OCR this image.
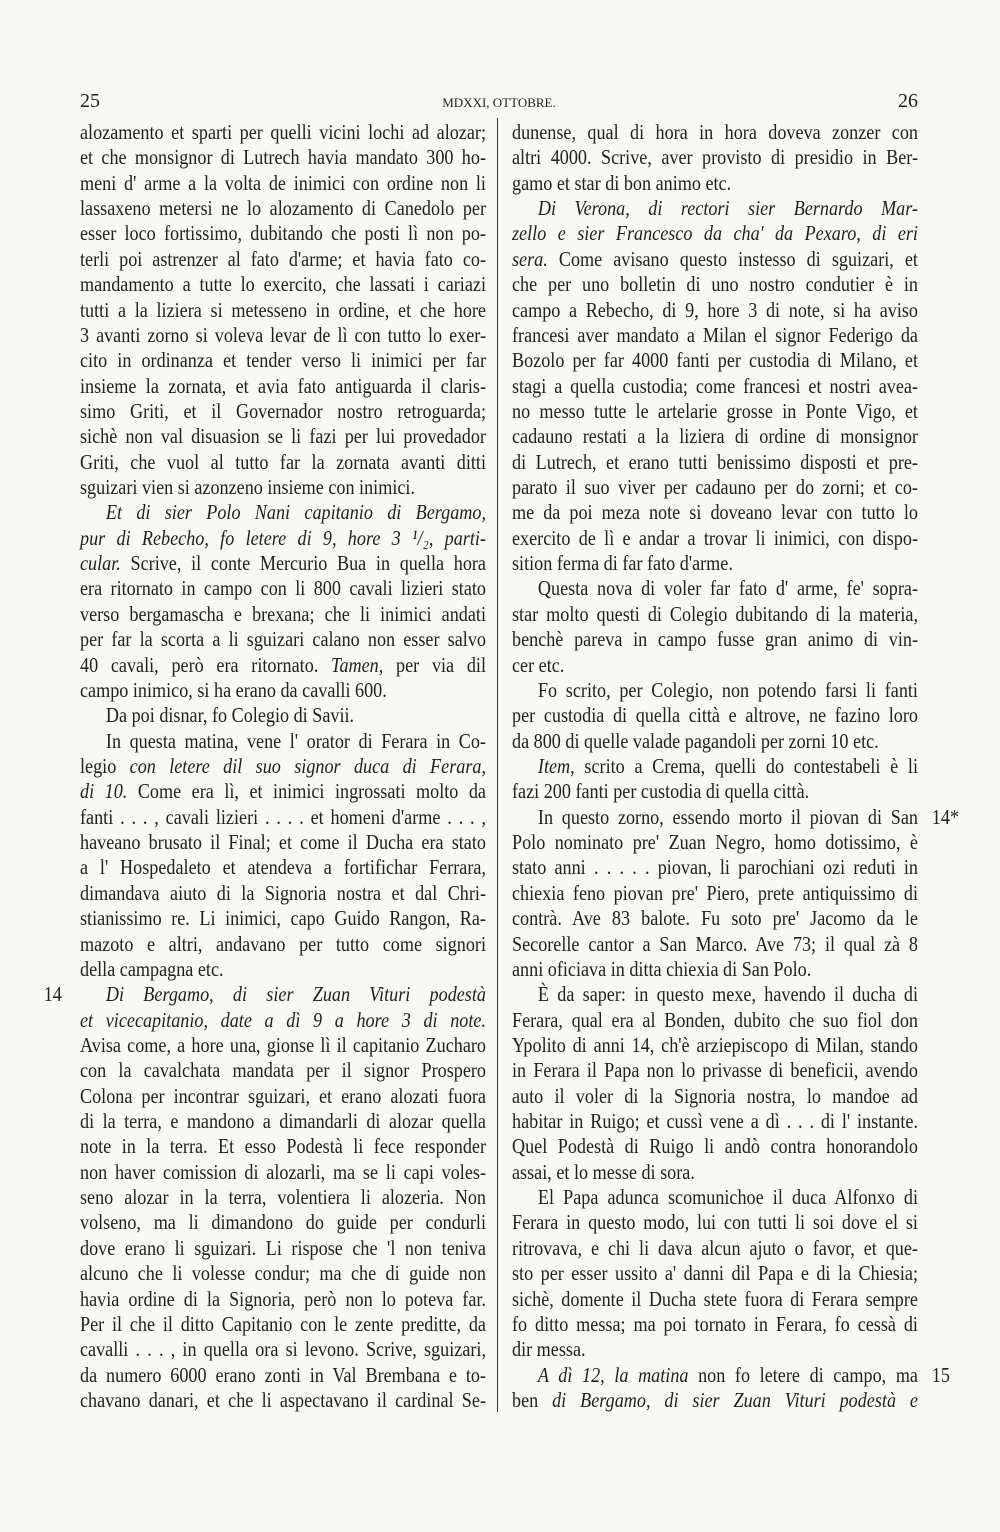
25	MDXXI, OTTOBRE.	26
alozamento et sparti per quelli vicini lochi ad alozar;
et che monsignor di Lutrech havia mandato 300 ho-
meni d' arme a la volta de inimici con ordine non li
lassaxeno metersi ne lo alozamento di Canedolo per
esser loco fortissimo, dubitando che posti lì non po-
terli poi astrenzer al fato d'arme; et havia fato co-
mandamento a tutte lo exercito, che lassati i cariazi
tutti a la liziera si metesseno in ordine, et che hore
3 avanti zorno si voleva levar de lì con tutto lo exer-
cito in ordinanza et tender verso li inimici per far
insieme la zornata, et avia fato antiguarda il claris-
simo Griti, et il Governador nostro retroguarda;
sichè non val disuasion se li fazi per lui provedador
Griti, che vuol al tutto far la zornata avanti ditti
sguizari vien si azonzeno insieme con inimici.
Et di sier Polo Nani capitanio di Bergamo,
pur di Rebecho, fo letere di 9, hore 3 ¹/₂, parti-
cular. Scrive, il conte Mercurio Bua in quella hora
era ritornato in campo con li 800 cavali lizieri stato
verso bergamascha e brexana; che li inimici andati
per far la scorta a li sguizari calano non esser salvo
40 cavali, però era ritornato. Tamen, per via dil
campo inimico, si ha erano da cavalli 600.
Da poi disnar, fo Colegio di Savii.
In questa matina, vene l' orator di Ferara in Co-
legio con letere dil suo signor duca di Ferara,
di 10. Come era lì, et inimici ingrossati molto da
fanti . . . , cavali lizieri . . . . et homeni d'arme . . . ,
haveano brusato il Final; et come il Ducha era stato
a l' Hospedaleto et atendeva a fortifichar Ferrara,
dimandava aiuto di la Signoria nostra et dal Chri-
stianissimo re. Li inimici, capo Guido Rangon, Ra-
mazoto e altri, andavano per tutto come signori
della campagna etc.
Di Bergamo, di sier Zuan Vituri podestà
14
et vicecapitanio, date a dì 9 a hore 3 di note.
Avisa come, a hore una, gionse lì il capitanio Zucharo
con la cavalchata mandata per il signor Prospero
Colona per incontrar sguizari, et erano alozati fuora
di la terra, e mandono a dimandarli di alozar quella
note in la terra. Et esso Podestà li fece responder
non haver comission di alozarli, ma se li capi voles-
seno alozar in la terra, volentiera li alozeria. Non
volseno, ma li dimandono do guide per condurli
dove erano li sguizari. Li rispose che 'l non teniva
alcuno che li volesse condur; ma che di guide non
havia ordine di la Signoria, però non lo poteva far.
Per il che il ditto Capitanio con le zente preditte, da
cavalli . . . , in quella ora si levono. Scrive, sguizari,
da numero 6000 erano zonti in Val Brembana e to-
chavano danari, et che li aspectavano il cardinal Se-
dunense, qual di hora in hora doveva zonzer con
altri 4000. Scrive, aver provisto di presidio in Ber-
gamo et star di bon animo etc.
Di Verona, di rectori sier Bernardo Mar-
zello e sier Francesco da cha' da Pexaro, di eri
sera. Come avisano questo instesso di sguizari, et
che per uno bolletin di uno nostro condutier è in
campo a Rebecho, di 9, hore 3 di note, si ha aviso
francesi aver mandato a Milan el signor Federigo da
Bozolo per far 4000 fanti per custodia di Milano, et
stagi a quella custodia; come francesi et nostri avea-
no messo tutte le artelarie grosse in Ponte Vigo, et
cadauno restati a la liziera di ordine di monsignor
di Lutrech, et erano tutti benissimo disposti et pre-
parato il suo viver per cadauno per do zorni; et co-
me da poi meza note si doveano levar con tutto lo
exercito de lì e andar a trovar li inimici, con dispo-
sition ferma di far fato d'arme.
Questa nova di voler far fato d' arme, fe' sopra-
star molto questi di Colegio dubitando di la materia,
benchè pareva in campo fusse gran animo di vin-
cer etc.
Fo scrito, per Colegio, non potendo farsi li fanti
per custodia di quella città e altrove, ne fazino loro
da 800 di quelle valade pagandoli per zorni 10 etc.
Item, scrito a Crema, quelli do contestabeli è li
fazi 200 fanti per custodia di quella città.
In questo zorno, essendo morto il piovan di San 14*
Polo nominato pre' Zuan Negro, homo dotissimo, è
stato anni . . . . . piovan, li parochiani ozi reduti in
chiexia feno piovan pre' Piero, prete antiquissimo di
contrà. Ave 83 balote. Fu soto pre' Jacomo da le
Secorelle cantor a San Marco. Ave 73; il qual zà 8
anni oficiava in ditta chiexia di San Polo.
È da saper: in questo mexe, havendo il ducha di
Ferara, qual era al Bonden, dubito che suo fiol don
Ypolito di anni 14, ch'è arziepiscopo di Milan, stando
in Ferara il Papa non lo privasse di beneficii, avendo
auto il voler di la Signoria nostra, lo mandoe ad
habitar in Ruigo; et cussì vene a dì . . . di l' instante.
Quel Podestà di Ruigo li andò contra honorandolo
assai, et lo messe di sora.
El Papa adunca scomunichoe il duca Alfonxo di
Ferara in questo modo, lui con tutti li soi dove el si
ritrovava, e chi li dava alcun ajuto o favor, et que-
sto per esser ussito a' danni dil Papa e di la Chiesia;
sichè, domente il Ducha stete fuora di Ferara sempre
fo ditto messa; ma poi tornato in Ferara, fo cessà di
dir messa.
A dì 12, la matina non fo letere di campo, ma 15
ben di Bergamo, di sier Zuan Vituri podestà e
